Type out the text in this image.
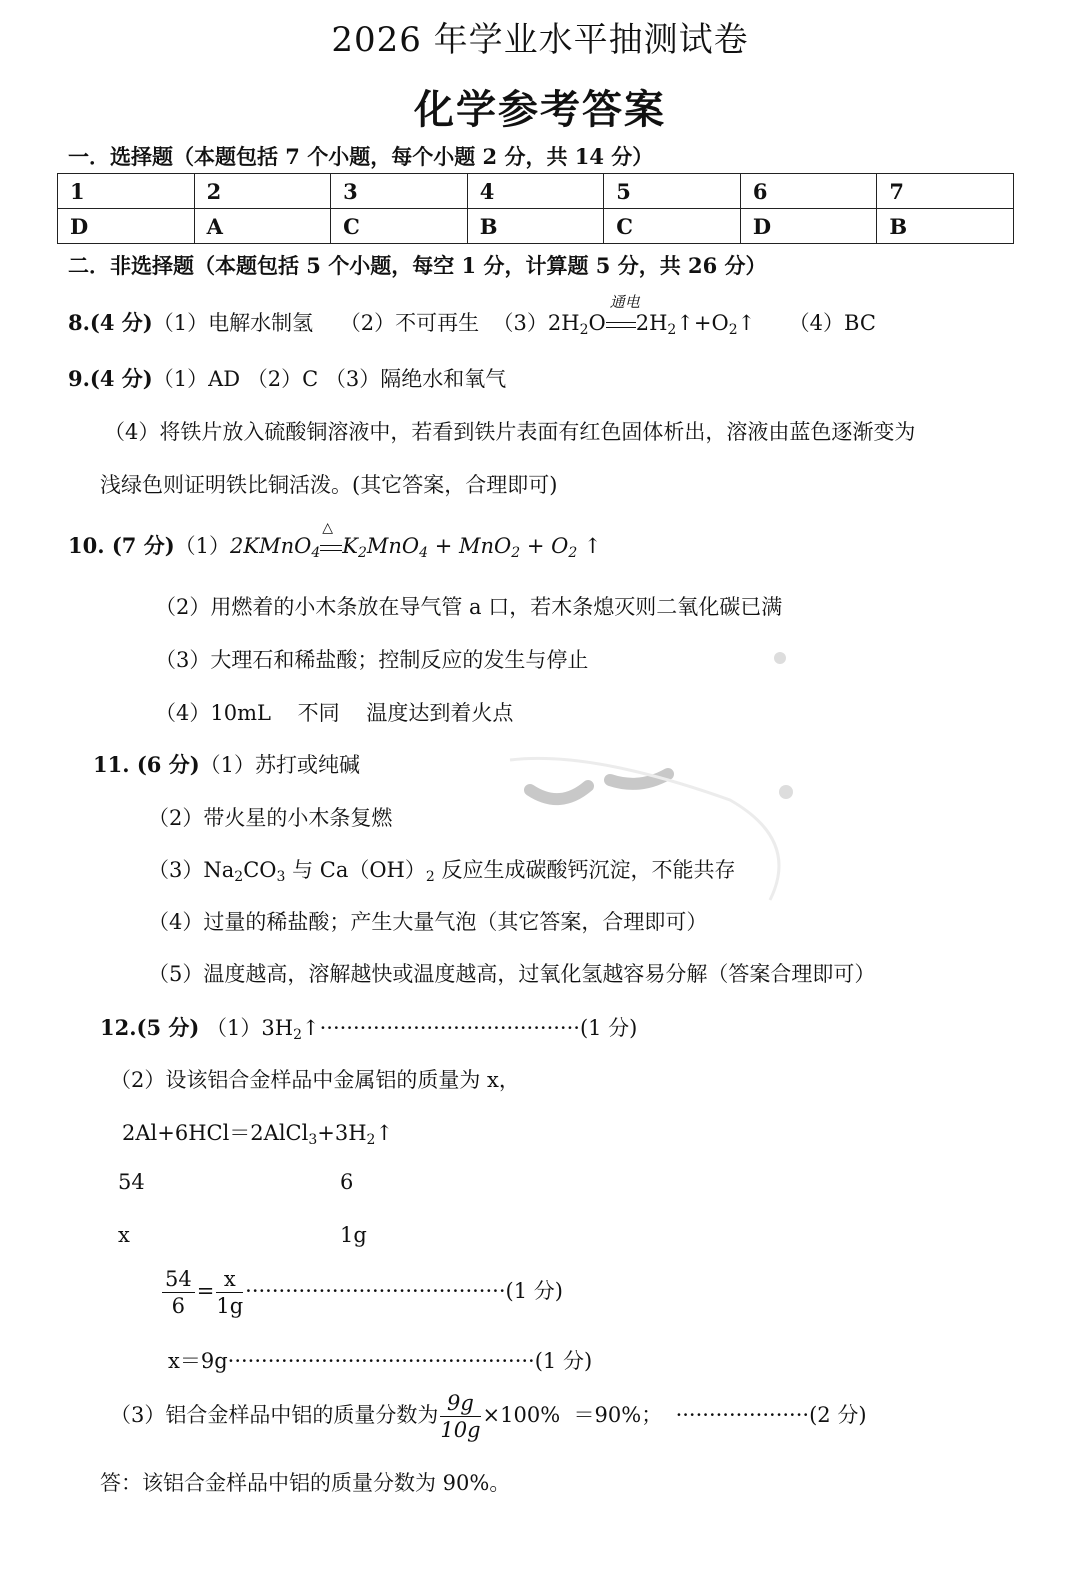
2026 年学业水平抽测试卷
化学参考答案
一．选择题（本题包括 7 个小题，每个小题 2 分，共 14 分）
1	2	3	4	5	6	7
D	A	C	B	C	D	B
二．非选择题（本题包括 5 个小题，每空 1 分，计算题 5 分，共 26 分）
8.(4 分)（1）电解水制氢 （2）不可再生 $(3)2H_2O$
通电
$2H_2↑+O_2↑$ （4）BC
9.(4 分)（1）AD （2）C （3）隔绝水和氧气
（4）将铁片放入硫酸铜溶液中，若看到铁片表面有红色固体析出，溶液由蓝色逐渐变为
浅绿色则证明铁比铜活泼。(其它答案，合理即可)
10. (7 分)（1）2KMnO$_4$
△
$K_2MnO_4 + MnO_2 + O_2$ ↑
（2）用燃着的小木条放在导气管 a 口，若木条熄灭则二氧化碳已满
（3）大理石和稀盐酸；控制反应的发生与停止
（4）10mL    不同    温度达到着火点
11. (6 分)（1）苏打或纯碱
（2）带火星的小木条复燃
$(3)Na_2CO_3$ 与 $Ca(OH)_2$ 反应生成碳酸钙沉淀，不能共存
（4）过量的稀盐酸；产生大量气泡（其它答案，合理即可）
（5）温度越高，溶解越快或温度越高，过氧化氢越容易分解（答案合理即可）
12.(5 分) $(1)3H_2↑\cdot\cdot\cdot\cdot\cdot\cdot\cdot\cdot\cdot\cdot\cdot\cdot\cdot\cdot\cdot\cdot\cdot\cdot\cdot\cdot\cdot\cdot\cdot\cdot\cdot\cdot\cdot\cdot\cdot\cdot\cdot\cdot\cdot\cdot\cdot\cdot\cdot\cdot\cdot(1$ 分)
（2）设该铝合金样品中金属铝的质量为 x，
$2Al+6HCl=2AlCl_3+3H_2↑$
54	6
x	1g
$\frac{54}{6} = \frac{x}{1g} \cdot\cdot\cdot\cdot\cdot\cdot\cdot\cdot\cdot\cdot\cdot\cdot\cdot\cdot\cdot\cdot\cdot\cdot\cdot\cdot\cdot\cdot\cdot\cdot\cdot\cdot\cdot\cdot\cdot\cdot\cdot\cdot\cdot\cdot\cdot\cdot\cdot\cdot\cdot(1$ 分)
x＝9g··············································(1 分)
（3）铝合金样品中铝的质量分数为 $\frac{9g}{10g} \times 100\% =90\%$； ····················(2 分)
答：该铝合金样品中铝的质量分数为 90%。
